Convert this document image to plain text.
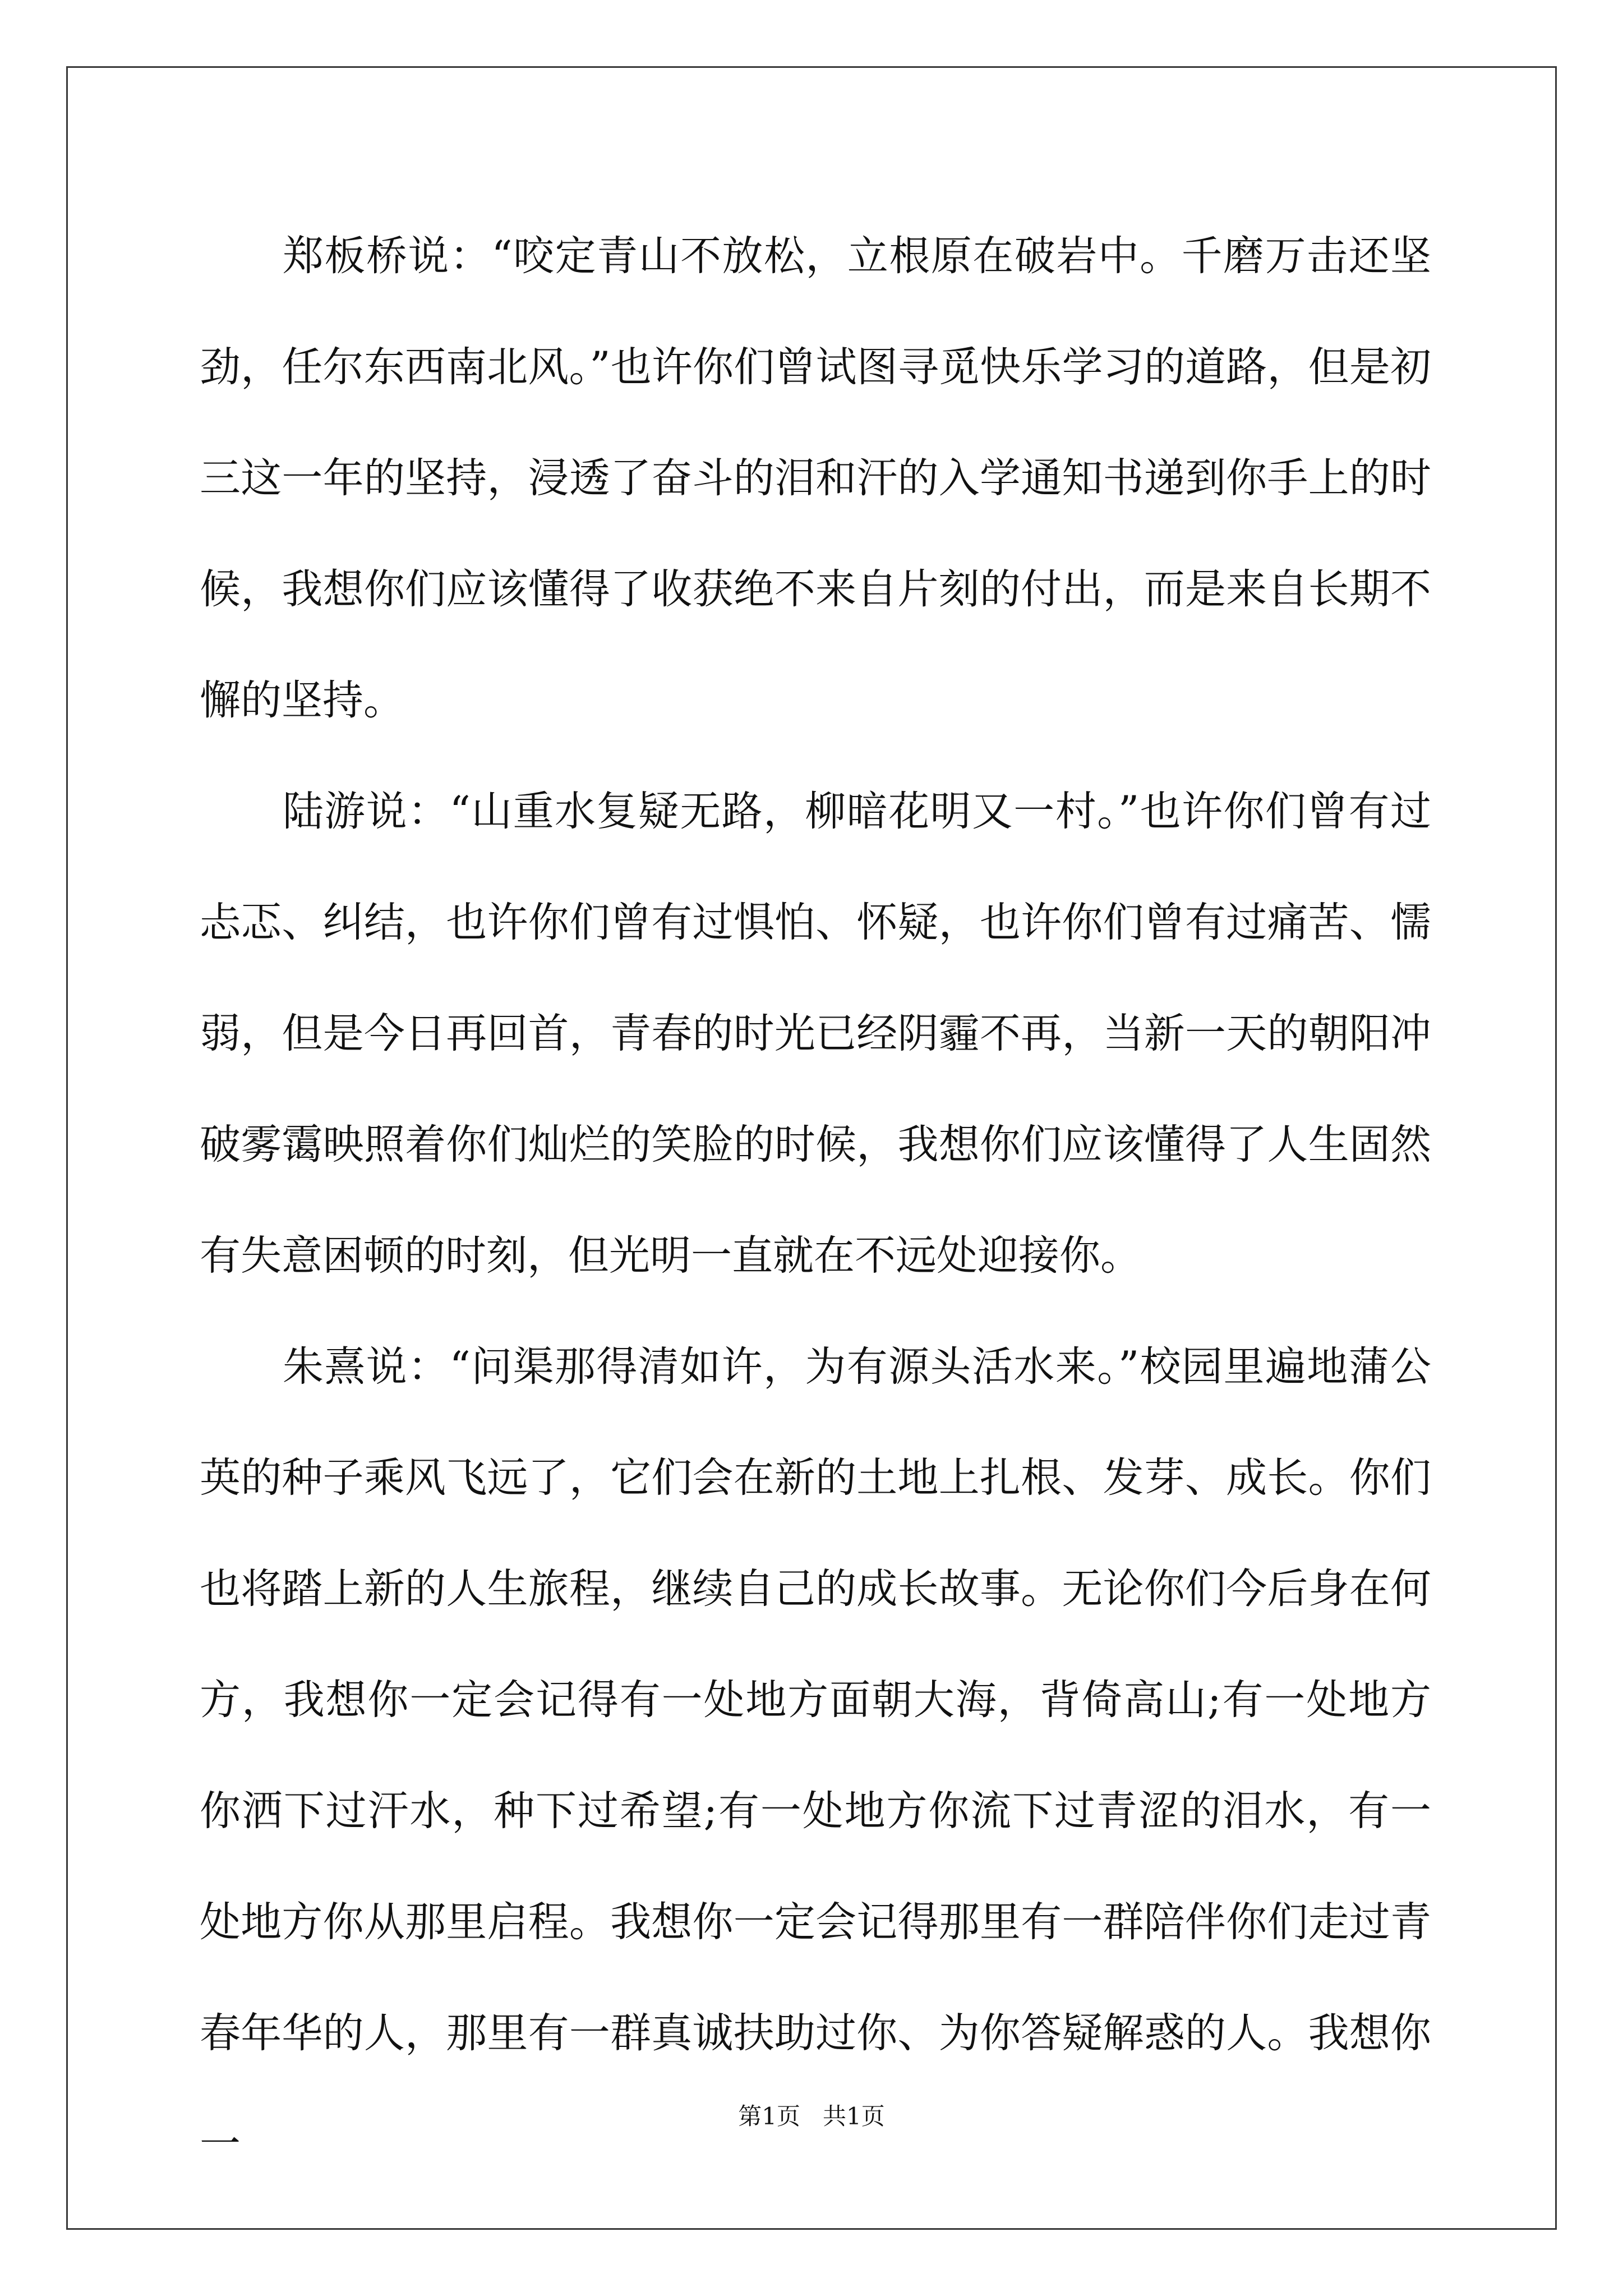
郑板桥说：“咬定青山不放松，立根原在破岩中。千磨万击还坚劲，任尔东西南北风。”也许你们曾试图寻觅快乐学习的道路，但是初三这一年的坚持，浸透了奋斗的泪和汗的入学通知书递到你手上的时候，我想你们应该懂得了收获绝不来自片刻的付出，而是来自长期不懈的坚持。

陆游说：“山重水复疑无路，柳暗花明又一村。”也许你们曾有过忐忑、纠结，也许你们曾有过惧怕、怀疑，也许你们曾有过痛苦、懦弱，但是今日再回首，青春的时光已经阴霾不再，当新一天的朝阳冲破雾霭映照着你们灿烂的笑脸的时候，我想你们应该懂得了人生固然有失意困顿的时刻，但光明一直就在不远处迎接你。

朱熹说：“问渠那得清如许，为有源头活水来。”校园里遍地蒲公英的种子乘风飞远了，它们会在新的土地上扎根、发芽、成长。你们也将踏上新的人生旅程，继续自己的成长故事。无论你们今后身在何方，我想你一定会记得有一处地方面朝大海，背倚高山;有一处地方你洒下过汗水，种下过希望;有一处地方你流下过青涩的泪水，有一处地方你从那里启程。我想你一定会记得那里有一群陪伴你们走过青春年华的人，那里有一群真诚扶助过你、为你答疑解惑的人。我想你一

第1页   共1页
